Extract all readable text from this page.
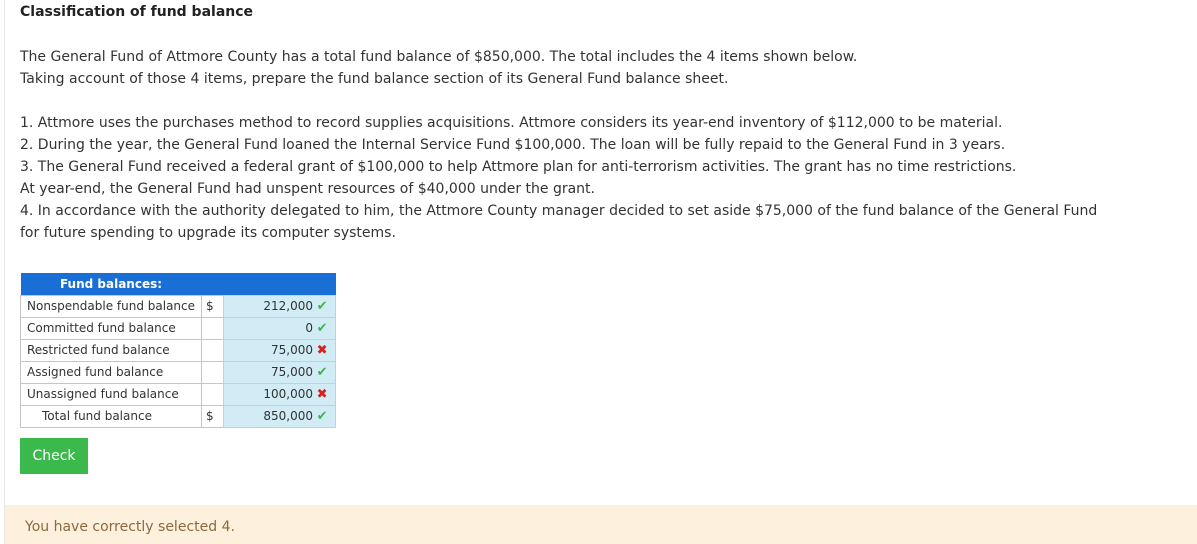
Classification of fund balance

The General Fund of Attmore County has a total fund balance of $850,000. The total includes the 4 items shown below.

Taking account of those 4 items, prepare the fund balance section of its General Fund balance sheet.

1. Attmore uses the purchases method to record supplies acquisitions. Attmore considers its year-end inventory of $112,000 to be material.

2. During the year, the General Fund loaned the Internal Service Fund $100,000. The loan will be fully repaid to the General Fund in 3 years.

3. The General Fund received a federal grant of $100,000 to help Attmore plan for anti-terrorism activities. The grant has no time restrictions.

At year-end, the General Fund had unspent resources of $40,000 under the grant.

4. In accordance with the authority delegated to him, the Attmore County manager decided to set aside $75,000 of the fund balance of the General Fund for future spending to upgrade its computer systems.

Fund balances:		
Nonspendable fund balance	$	212,000 ✔
Committed fund balance		0 ✔
Restricted fund balance		75,000 ✖
Assigned fund balance		75,000 ✔
Unassigned fund balance		100,000 ✖
Total fund balance	$	850,000 ✔
Check
You have correctly selected 4.
